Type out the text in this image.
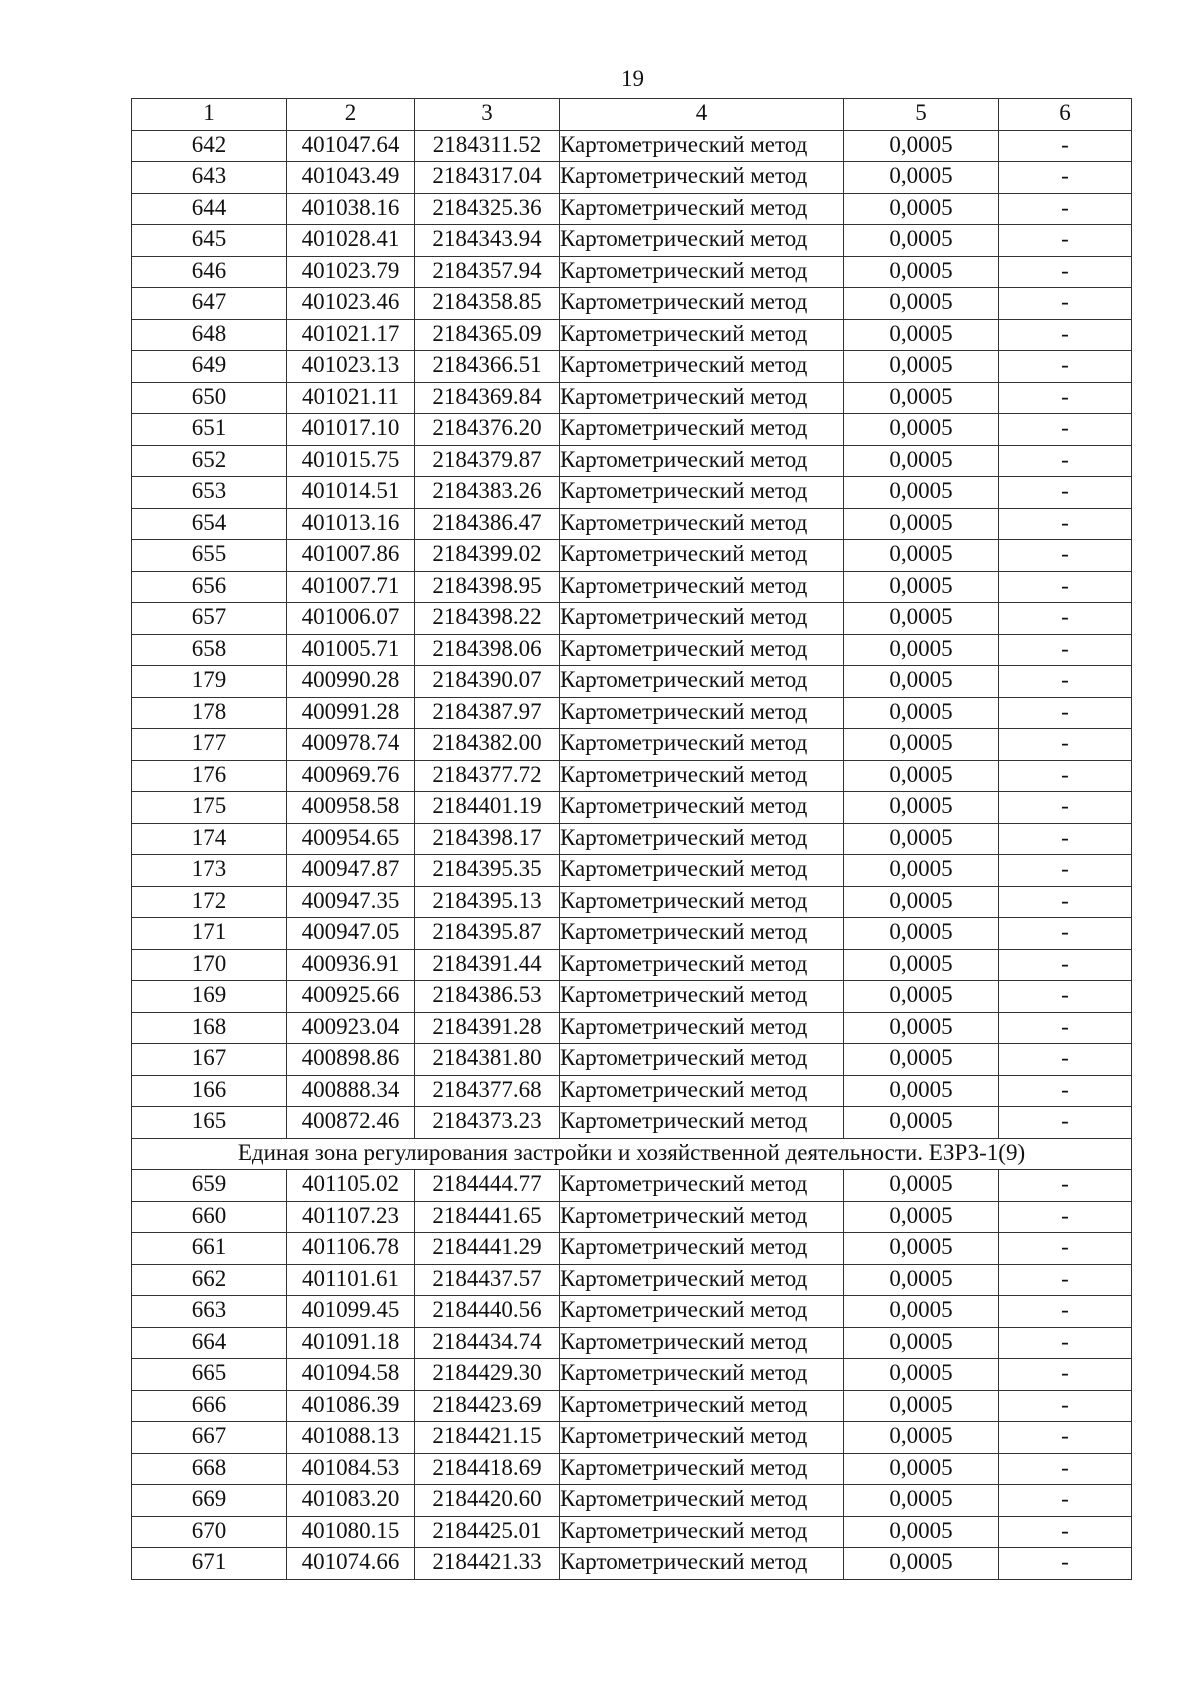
19
1	2	3	4	5	6
642	401047.64	2184311.52	Картометрический метод	0,0005	-
643	401043.49	2184317.04	Картометрический метод	0,0005	-
644	401038.16	2184325.36	Картометрический метод	0,0005	-
645	401028.41	2184343.94	Картометрический метод	0,0005	-
646	401023.79	2184357.94	Картометрический метод	0,0005	-
647	401023.46	2184358.85	Картометрический метод	0,0005	-
648	401021.17	2184365.09	Картометрический метод	0,0005	-
649	401023.13	2184366.51	Картометрический метод	0,0005	-
650	401021.11	2184369.84	Картометрический метод	0,0005	-
651	401017.10	2184376.20	Картометрический метод	0,0005	-
652	401015.75	2184379.87	Картометрический метод	0,0005	-
653	401014.51	2184383.26	Картометрический метод	0,0005	-
654	401013.16	2184386.47	Картометрический метод	0,0005	-
655	401007.86	2184399.02	Картометрический метод	0,0005	-
656	401007.71	2184398.95	Картометрический метод	0,0005	-
657	401006.07	2184398.22	Картометрический метод	0,0005	-
658	401005.71	2184398.06	Картометрический метод	0,0005	-
179	400990.28	2184390.07	Картометрический метод	0,0005	-
178	400991.28	2184387.97	Картометрический метод	0,0005	-
177	400978.74	2184382.00	Картометрический метод	0,0005	-
176	400969.76	2184377.72	Картометрический метод	0,0005	-
175	400958.58	2184401.19	Картометрический метод	0,0005	-
174	400954.65	2184398.17	Картометрический метод	0,0005	-
173	400947.87	2184395.35	Картометрический метод	0,0005	-
172	400947.35	2184395.13	Картометрический метод	0,0005	-
171	400947.05	2184395.87	Картометрический метод	0,0005	-
170	400936.91	2184391.44	Картометрический метод	0,0005	-
169	400925.66	2184386.53	Картометрический метод	0,0005	-
168	400923.04	2184391.28	Картометрический метод	0,0005	-
167	400898.86	2184381.80	Картометрический метод	0,0005	-
166	400888.34	2184377.68	Картометрический метод	0,0005	-
165	400872.46	2184373.23	Картометрический метод	0,0005	-
Единая зона регулирования застройки и хозяйственной деятельности. ЕЗРЗ-1(9)					
659	401105.02	2184444.77	Картометрический метод	0,0005	-
660	401107.23	2184441.65	Картометрический метод	0,0005	-
661	401106.78	2184441.29	Картометрический метод	0,0005	-
662	401101.61	2184437.57	Картометрический метод	0,0005	-
663	401099.45	2184440.56	Картометрический метод	0,0005	-
664	401091.18	2184434.74	Картометрический метод	0,0005	-
665	401094.58	2184429.30	Картометрический метод	0,0005	-
666	401086.39	2184423.69	Картометрический метод	0,0005	-
667	401088.13	2184421.15	Картометрический метод	0,0005	-
668	401084.53	2184418.69	Картометрический метод	0,0005	-
669	401083.20	2184420.60	Картометрический метод	0,0005	-
670	401080.15	2184425.01	Картометрический метод	0,0005	-
671	401074.66	2184421.33	Картометрический метод	0,0005	-
